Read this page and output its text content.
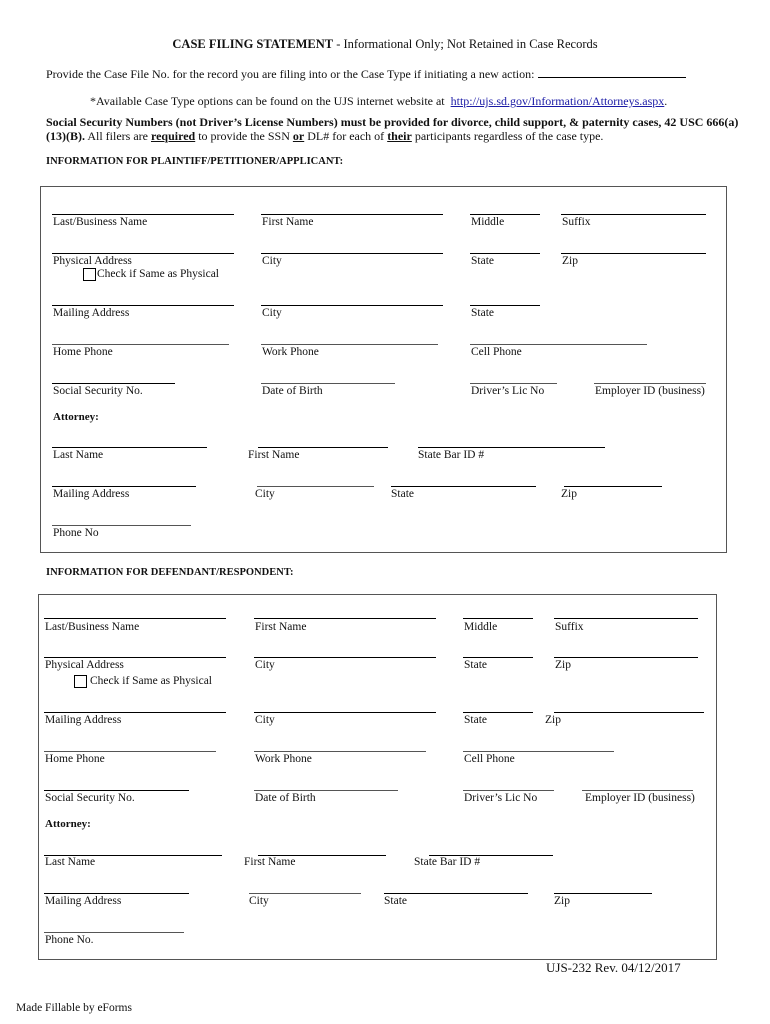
CASE FILING STATEMENT - Informational Only; Not Retained in Case Records
Provide the Case File No. for the record you are filing into or the Case Type if initiating a new action:
*Available Case Type options can be found on the UJS internet website at http://ujs.sd.gov/Information/Attorneys.aspx.
Social Security Numbers (not Driver’s License Numbers) must be provided for divorce, child support, & paternity cases, 42 USC 666(a)(13)(B). All filers are required to provide the SSN or DL# for each of their participants regardless of the case type.
INFORMATION FOR PLAINTIFF/PETITIONER/APPLICANT:
Last/Business Name	First Name	Middle	Suffix
Physical Address	City	State	Zip
Check if Same as Physical
Mailing Address	City	State
Home Phone	Work Phone	Cell Phone
Social Security No.	Date of Birth	Driver’s Lic No	Employer ID (business)
Attorney:
Last Name	First Name	State Bar ID #
Mailing Address	City	State	Zip
Phone No
INFORMATION FOR DEFENDANT/RESPONDENT:
Last/Business Name	First Name	Middle	Suffix
Physical Address	City	State	Zip
Check if Same as Physical
Mailing Address	City	State	Zip
Home Phone	Work Phone	Cell Phone
Social Security No.	Date of Birth	Driver’s Lic No	Employer ID (business)
Attorney:
Last Name	First Name	State Bar ID #
Mailing Address	City	State	Zip
Phone No.
UJS-232 Rev. 04/12/2017
Made Fillable by eForms
